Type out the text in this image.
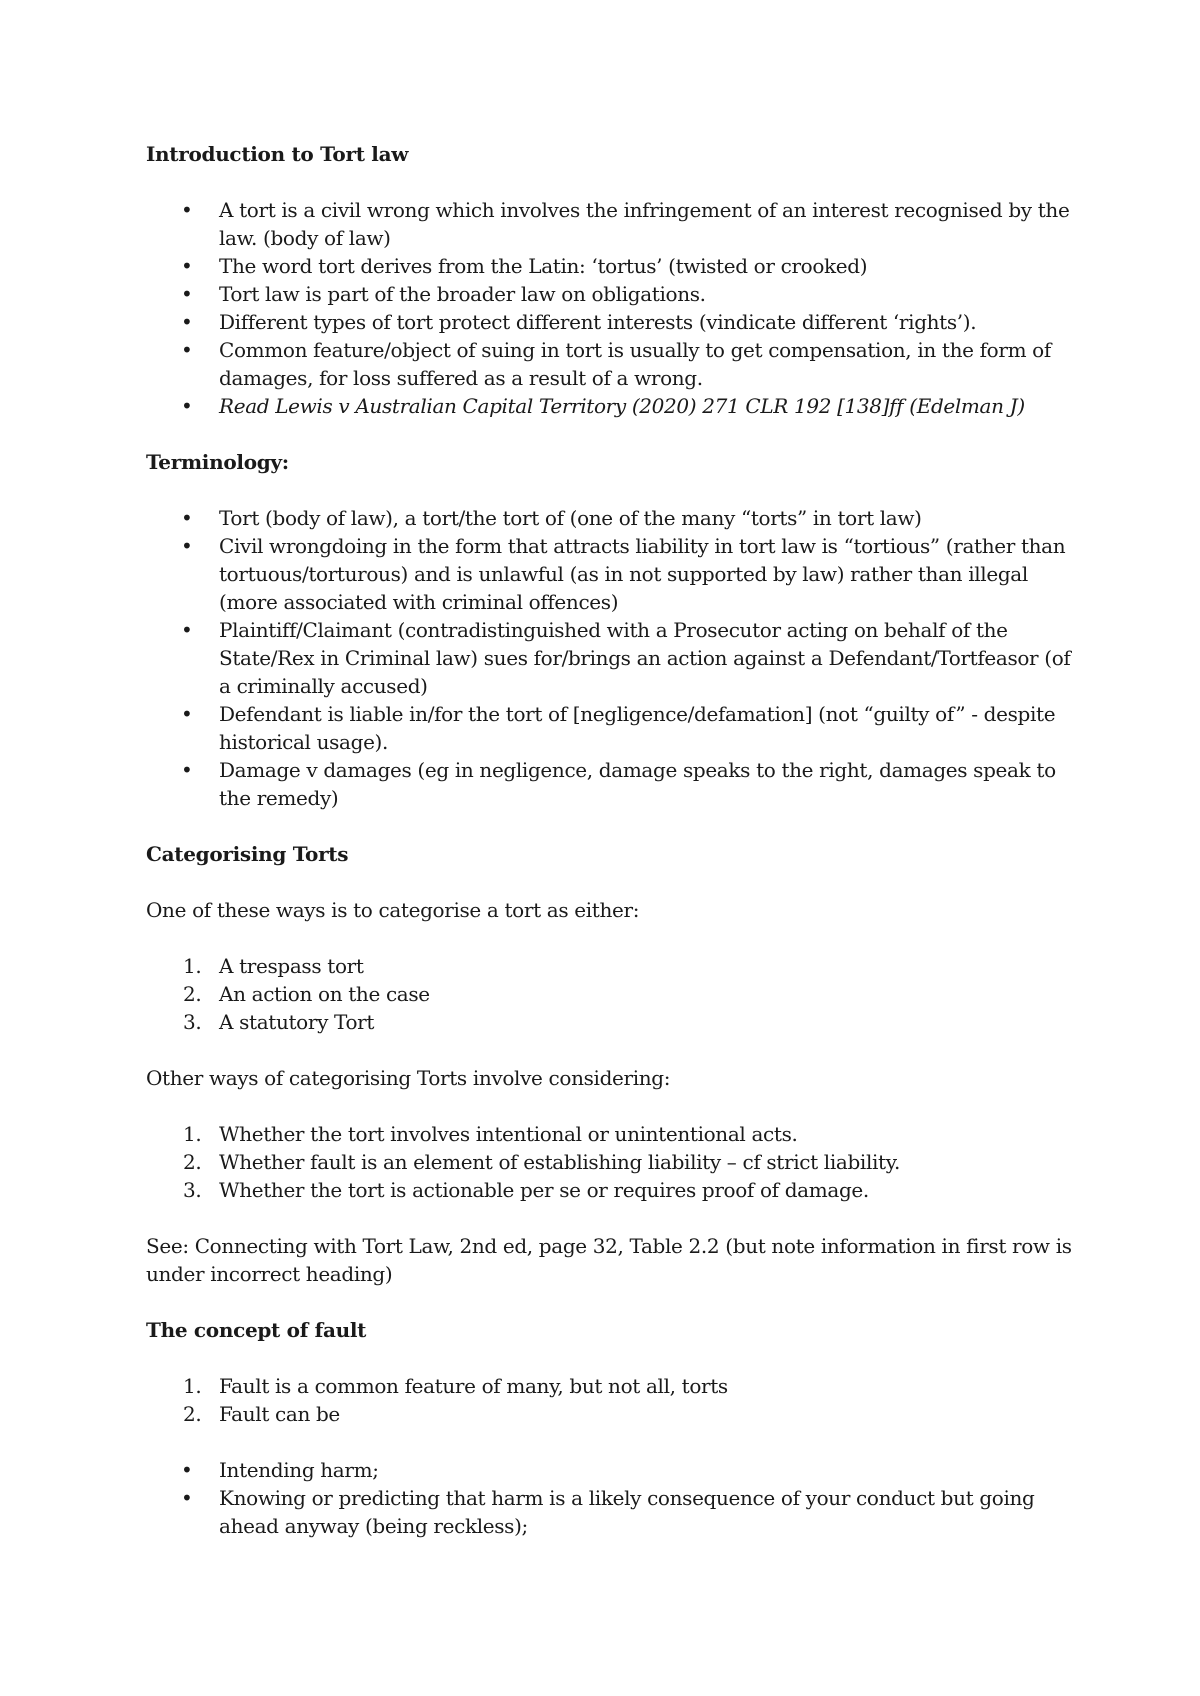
Introduction to Tort law
•
A tort is a civil wrong which involves the infringement of an interest recognised by the law. (body of law)
•
The word tort derives from the Latin: ‘tortus’ (twisted or crooked)
•
Tort law is part of the broader law on obligations.
•
Different types of tort protect different interests (vindicate different ‘rights’).
•
Common feature/object of suing in tort is usually to get compensation, in the form of damages, for loss suffered as a result of a wrong.
•
Read Lewis v Australian Capital Territory (2020) 271 CLR 192 [138]ff (Edelman J)
Terminology:
•
Tort (body of law), a tort/the tort of (one of the many “torts” in tort law)
•
Civil wrongdoing in the form that attracts liability in tort law is “tortious” (rather than tortuous/torturous) and is unlawful (as in not supported by law) rather than illegal (more associated with criminal offences)
•
Plaintiff/Claimant (contradistinguished with a Prosecutor acting on behalf of the State/Rex in Criminal law) sues for/brings an action against a Defendant/Tortfeasor (of a criminally accused)
•
Defendant is liable in/for the tort of [negligence/defamation] (not “guilty of” - despite historical usage).
•
Damage v damages (eg in negligence, damage speaks to the right, damages speak to the remedy)
Categorising Torts

One of these ways is to categorise a tort as either:

1. A trespass tort
2. An action on the case
3. A statutory Tort

Other ways of categorising Torts involve considering:

1. Whether the tort involves intentional or unintentional acts.
2. Whether fault is an element of establishing liability – cf strict liability.
3. Whether the tort is actionable per se or requires proof of damage.

See: Connecting with Tort Law, 2nd ed, page 32, Table 2.2 (but note information in first row is under incorrect heading)

The concept of fault
1. Fault is a common feature of many, but not all, torts
2. Fault can be
•
Intending harm;
•
Knowing or predicting that harm is a likely consequence of your conduct but going ahead anyway (being reckless);
